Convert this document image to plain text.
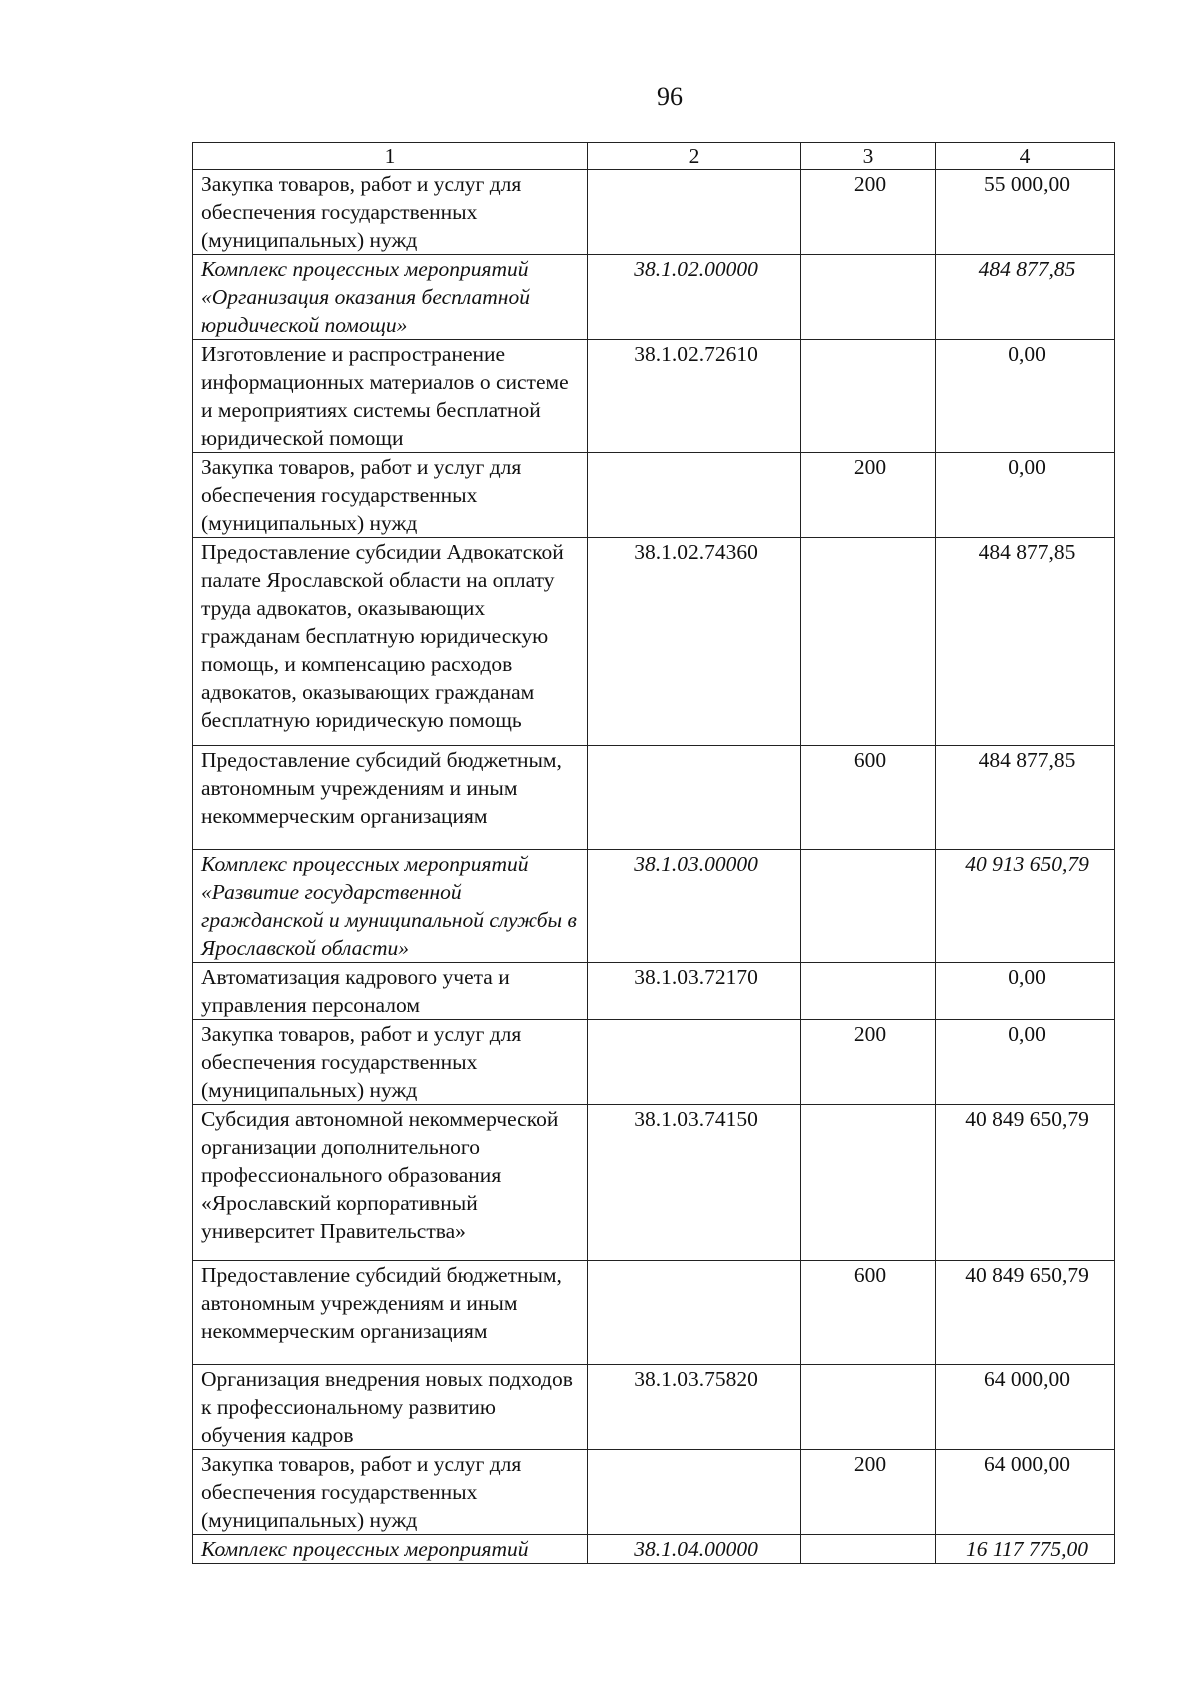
96
1	2	3	4
Закупка товаров, работ и услуг для обеспечения государственных (муниципальных) нужд		200	55 000,00
Комплекс процессных мероприятий «Организация оказания бесплатной юридической помощи»	38.1.02.00000		484 877,85
Изготовление и распространение информационных материалов о системе и мероприятиях системы бесплатной юридической помощи	38.1.02.72610		0,00
Закупка товаров, работ и услуг для обеспечения государственных (муниципальных) нужд		200	0,00
Предоставление субсидии Адвокатской палате Ярославской области на оплату труда адвокатов, оказывающих гражданам бесплатную юридическую помощь, и компенсацию расходов адвокатов, оказывающих гражданам бесплатную юридическую помощь	38.1.02.74360		484 877,85
Предоставление субсидий бюджетным, автономным учреждениям и иным некоммерческим организациям		600	484 877,85
Комплекс процессных мероприятий «Развитие государственной гражданской и муниципальной службы в Ярославской области»	38.1.03.00000		40 913 650,79
Автоматизация кадрового учета и управления персоналом	38.1.03.72170		0,00
Закупка товаров, работ и услуг для обеспечения государственных (муниципальных) нужд		200	0,00
Субсидия автономной некоммерческой организации дополнительного профессионального образования «Ярославский корпоративный университет Правительства»	38.1.03.74150		40 849 650,79
Предоставление субсидий бюджетным, автономным учреждениям и иным некоммерческим организациям		600	40 849 650,79
Организация внедрения новых подходов к профессиональному развитию обучения кадров	38.1.03.75820		64 000,00
Закупка товаров, работ и услуг для обеспечения государственных (муниципальных) нужд		200	64 000,00
Комплекс процессных мероприятий	38.1.04.00000		16 117 775,00
